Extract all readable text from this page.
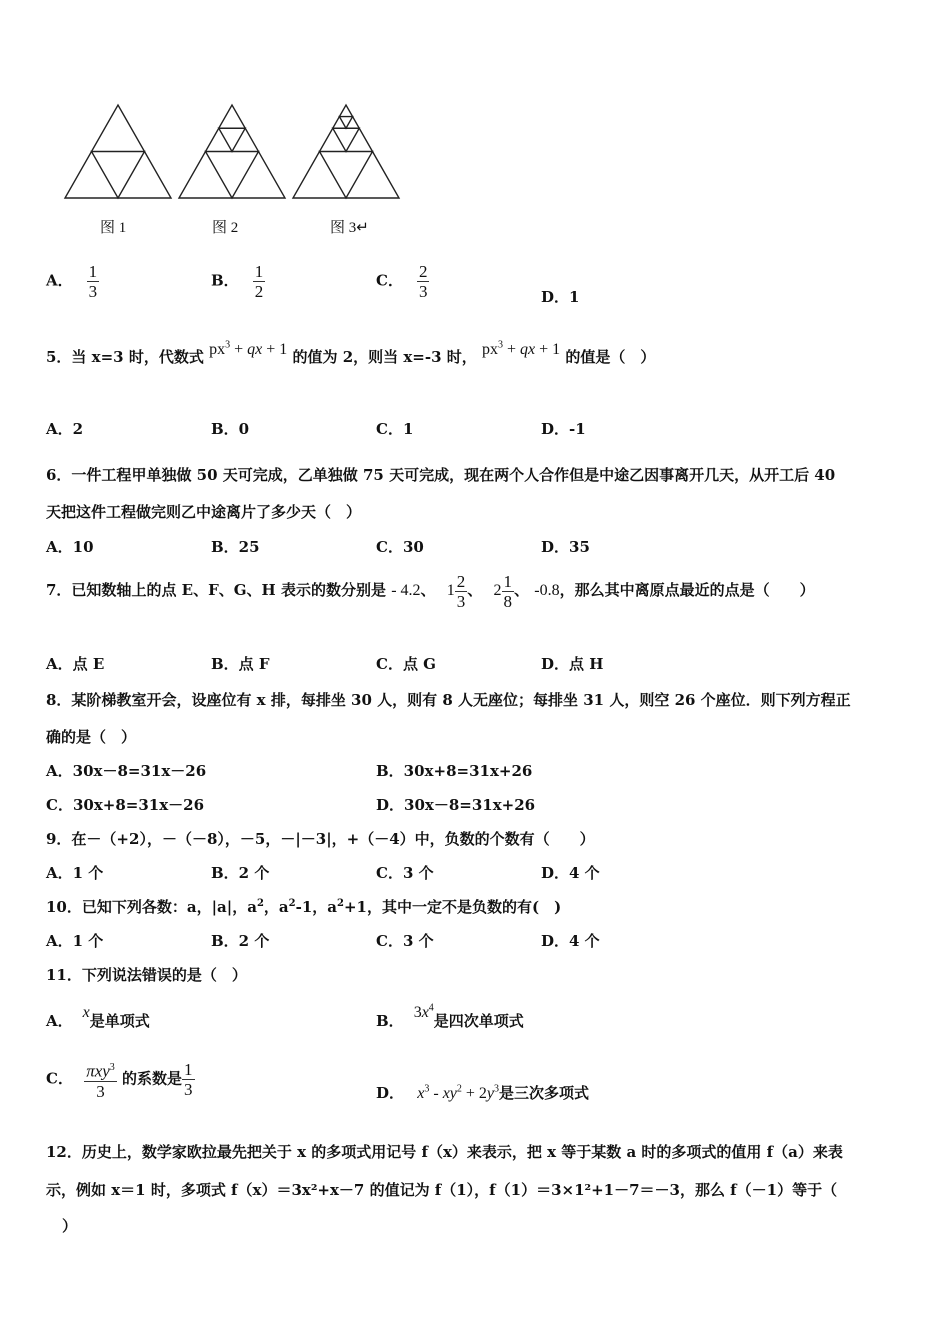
图 1	图 2	图 3↵
A． $\frac{1}{3}$	B． $\frac{1}{2}$	C． $\frac{2}{3}$	D．1
5．当 x=3 时，代数式 $px^3$ + qx + 1 的值为 2，则当 x=-3 时， $px^3$ + qx + 1 的值是（　）
A．2	B．0	C．1	D．-1
6．一件工程甲单独做 50 天可完成，乙单独做 75 天可完成，现在两个人合作但是中途乙因事离开几天，从开工后 40
天把这件工程做完则乙中途离片了多少天（　）
A．10	B．25	C．30	D．35
7．已知数轴上的点 E、F、G、H 表示的数分别是 - 4.2、 $1 \frac{2}{3}$ 、 $2 \frac{1}{8}$ 、 -0.8，那么其中离原点最近的点是（　　）
A．点 E	B．点 F	C．点 G	D．点 H
8．某阶梯教室开会，设座位有 x 排，每排坐 30 人，则有 8 人无座位；每排坐 31 人，则空 26 个座位．则下列方程正
确的是（　）
A．30x－8=31x－26	B．30x+8=31x+26
C．30x+8=31x－26	D．30x－8=31x+26
9．在－（+2），－（－8），－5，－|－3|，+（－4）中，负数的个数有（　　）
A．1 个	B．2 个	C．3 个	D．4 个
10．已知下列各数：a，|a|，$a^2$，$a^2-1$，$a^2+1$，其中一定不是负数的有(　)
A．1 个	B．2 个	C．3 个	D．4 个
11．下列说法错误的是（　）
A． x是单项式	B． $3x^4$是四次单项式
C． $\frac{\pi xy^3}{3}$ 的系数是 $\frac{1}{3}$	D． $x^3 - xy^2 + 2y^3$是三次多项式
12．历史上，数学家欧拉最先把关于 x 的多项式用记号 f（x）来表示，把 x 等于某数 a 时的多项式的值用 f（a）来表
示，例如 x＝1 时，多项式 f（x）＝3x²+x－7 的值记为 f（1），f（1）＝3×1²+1－7＝－3，那么 f（－1）等于（
）
